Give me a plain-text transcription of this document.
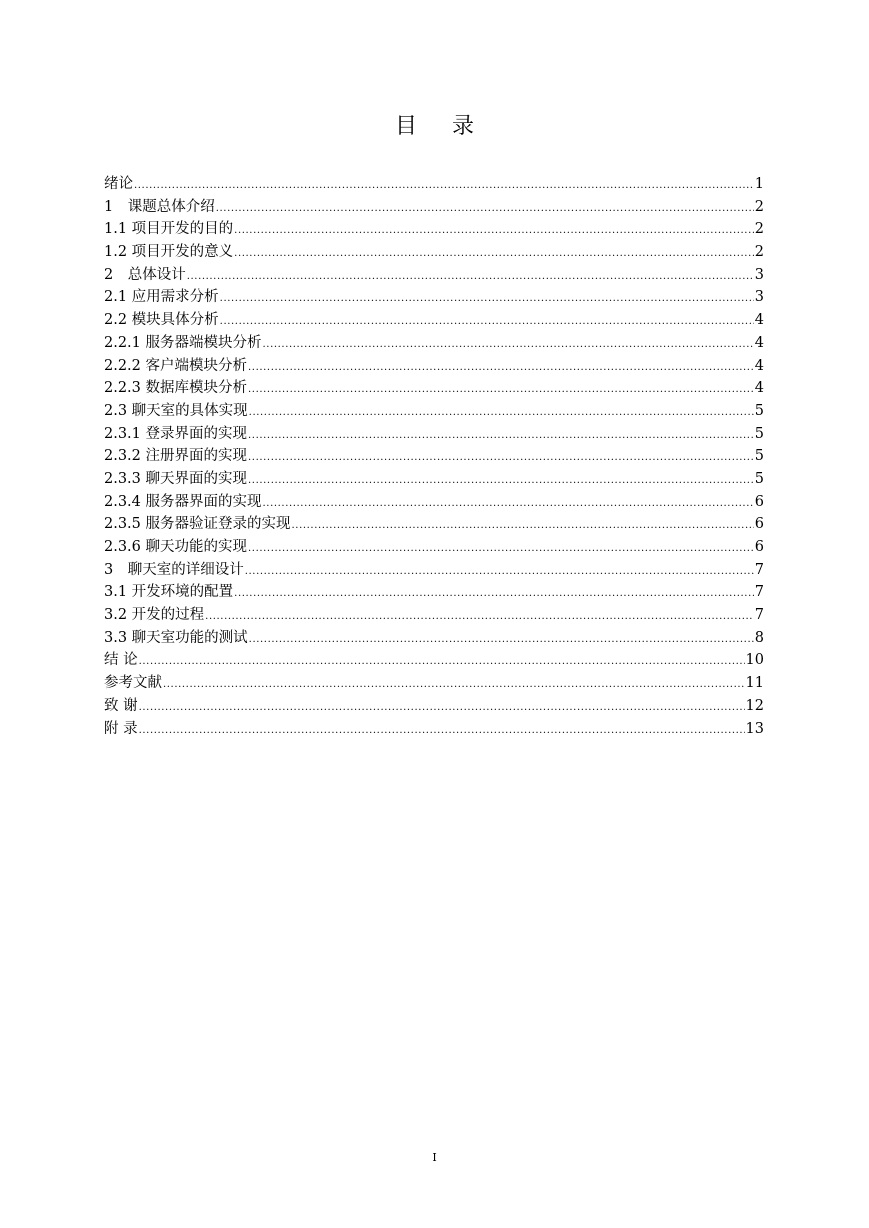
目 录
绪论 .....	1
1　课题总体介绍 .....	2
1.1 项目开发的目的 .....	2
1.2 项目开发的意义 .....	2
2　总体设计 .....	3
2.1 应用需求分析 .....	3
2.2 模块具体分析 .....	4
2.2.1 服务器端模块分析 .....	4
2.2.2 客户端模块分析 .....	4
2.2.3 数据库模块分析 .....	4
2.3 聊天室的具体实现 .....	5
2.3.1 登录界面的实现 .....	5
2.3.2 注册界面的实现 .....	5
2.3.3 聊天界面的实现 .....	5
2.3.4 服务器界面的实现 .....	6
2.3.5 服务器验证登录的实现 .....	6
2.3.6 聊天功能的实现 .....	6
3　聊天室的详细设计 .....	7
3.1 开发环境的配置 .....	7
3.2 开发的过程 .....	7
3.3 聊天室功能的测试 .....	8
结 论 .....	10
参考文献 .....	11
致 谢 .....	12
附 录 .....	13
I
